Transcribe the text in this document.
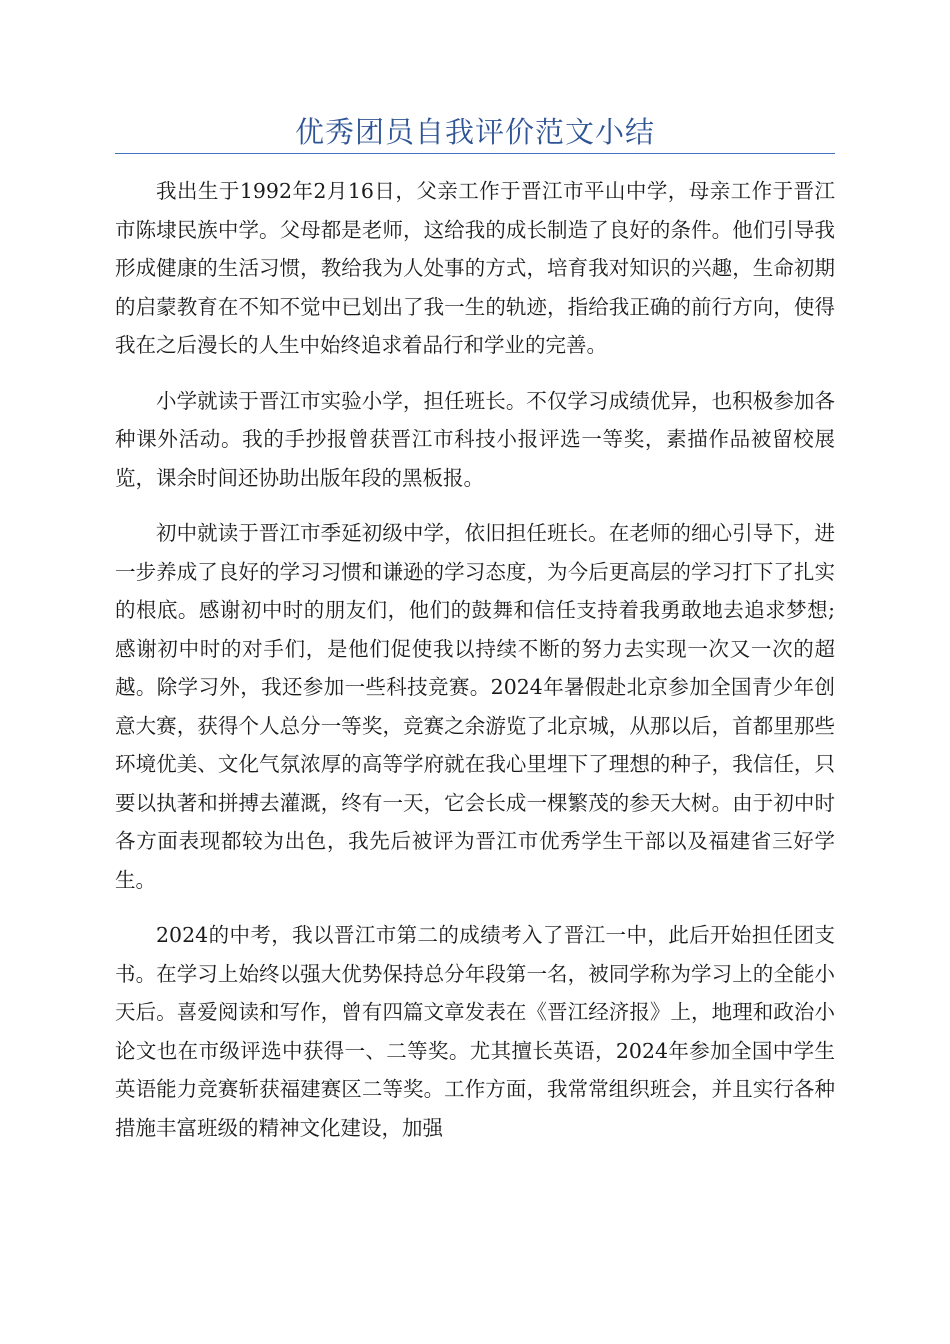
优秀团员自我评价范文小结

我出生于1992年2月16日，父亲工作于晋江市平山中学，母亲工作于晋江市陈埭民族中学。父母都是老师，这给我的成长制造了良好的条件。他们引导我形成健康的生活习惯，教给我为人处事的方式，培育我对知识的兴趣，生命初期的启蒙教育在不知不觉中已划出了我一生的轨迹，指给我正确的前行方向，使得我在之后漫长的人生中始终追求着品行和学业的完善。

小学就读于晋江市实验小学，担任班长。不仅学习成绩优异，也积极参加各种课外活动。我的手抄报曾获晋江市科技小报评选一等奖，素描作品被留校展览，课余时间还协助出版年段的黑板报。

初中就读于晋江市季延初级中学，依旧担任班长。在老师的细心引导下，进一步养成了良好的学习习惯和谦逊的学习态度，为今后更高层的学习打下了扎实的根底。感谢初中时的朋友们，他们的鼓舞和信任支持着我勇敢地去追求梦想;感谢初中时的对手们，是他们促使我以持续不断的努力去实现一次又一次的超越。除学习外，我还参加一些科技竞赛。2024年暑假赴北京参加全国青少年创意大赛，获得个人总分一等奖，竞赛之余游览了北京城，从那以后，首都里那些环境优美、文化气氛浓厚的高等学府就在我心里埋下了理想的种子，我信任，只要以执著和拼搏去灌溉，终有一天，它会长成一棵繁茂的参天大树。由于初中时各方面表现都较为出色，我先后被评为晋江市优秀学生干部以及福建省三好学生。

2024的中考，我以晋江市第二的成绩考入了晋江一中，此后开始担任团支书。在学习上始终以强大优势保持总分年段第一名，被同学称为学习上的全能小天后。喜爱阅读和写作，曾有四篇文章发表在《晋江经济报》上，地理和政治小论文也在市级评选中获得一、二等奖。尤其擅长英语，2024年参加全国中学生英语能力竞赛斩获福建赛区二等奖。工作方面，我常常组织班会，并且实行各种措施丰富班级的精神文化建设，加强
